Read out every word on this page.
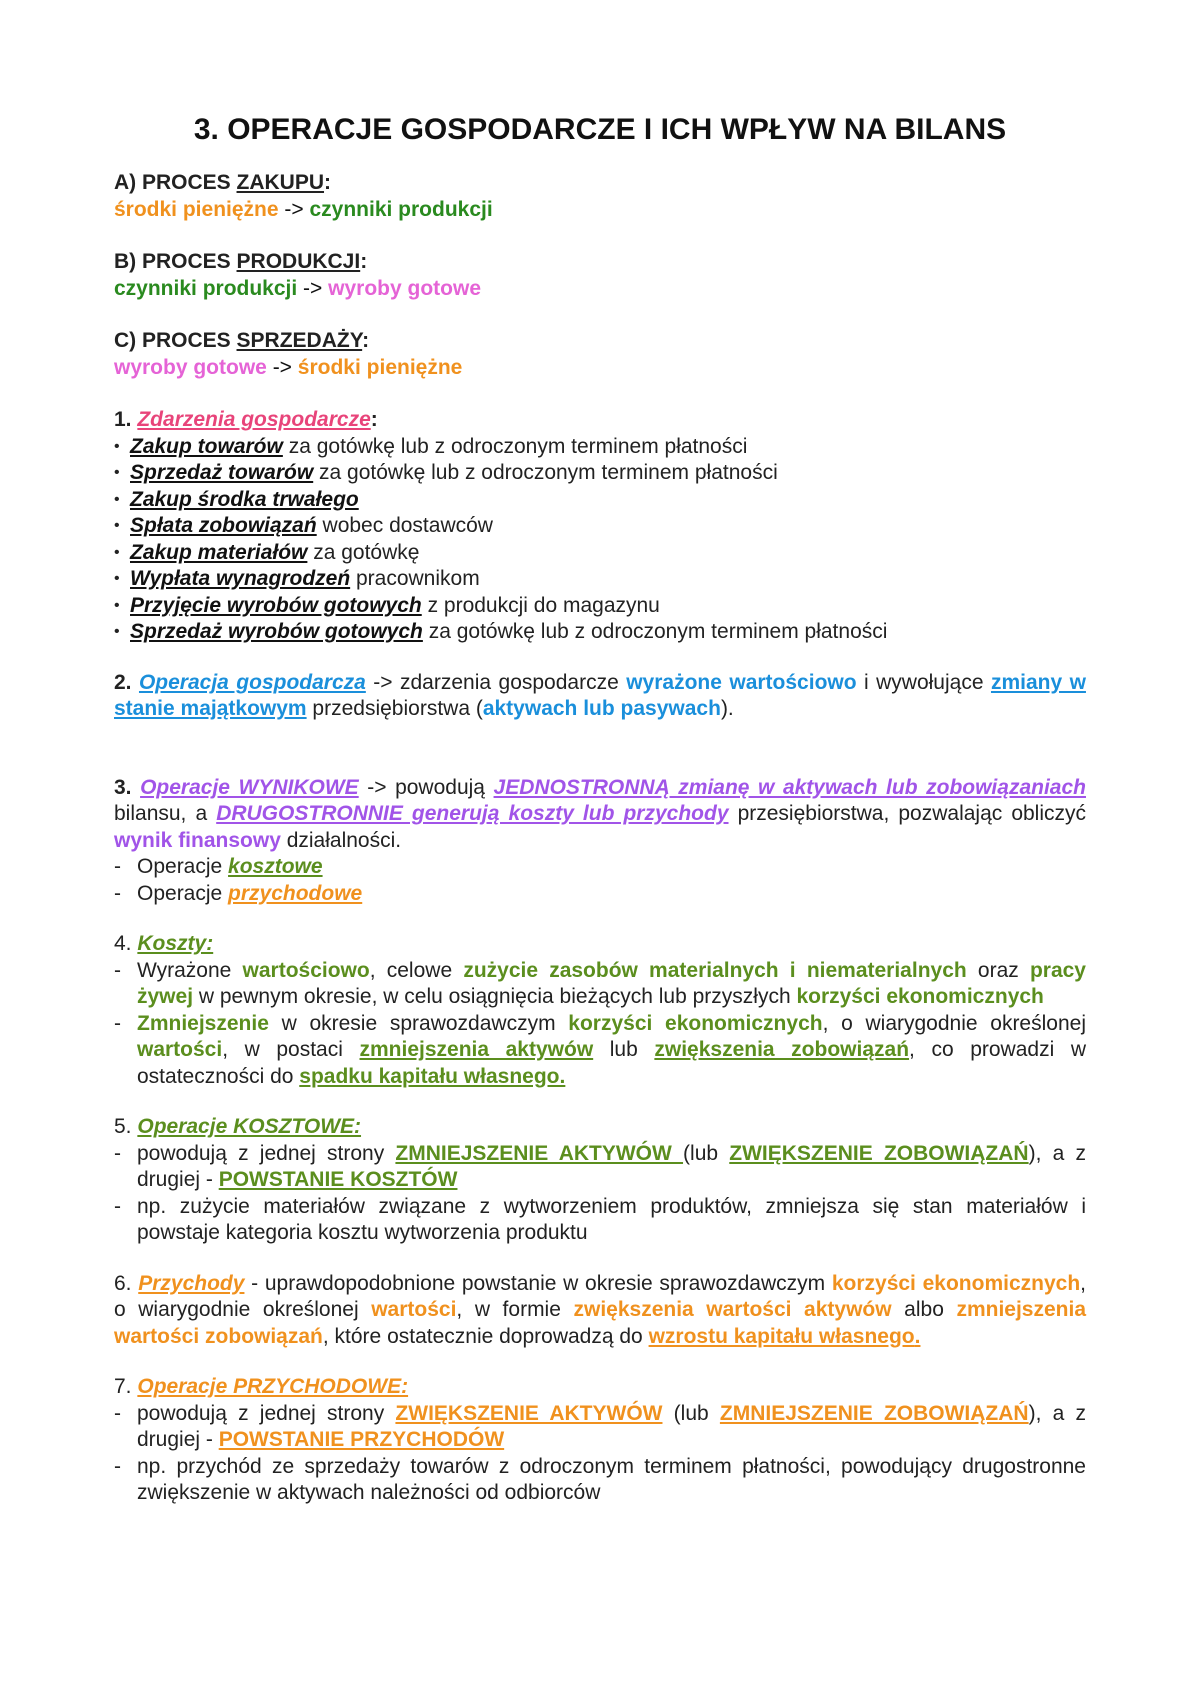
3. OPERACJE GOSPODARCZE I ICH WPŁYW NA BILANS
A) PROCES ZAKUPU:
środki pieniężne -> czynniki produkcji
B) PROCES PRODUKCJI:
czynniki produkcji -> wyroby gotowe
C) PROCES SPRZEDAŻY:
wyroby gotowe -> środki pieniężne
1. Zdarzenia gospodarcze:
• Zakup towarów za gotówkę lub z odroczonym terminem płatności
• Sprzedaż towarów za gotówkę lub z odroczonym terminem płatności
• Zakup środka trwałego
• Spłata zobowiązań wobec dostawców
• Zakup materiałów za gotówkę
• Wypłata wynagrodzeń pracownikom
• Przyjęcie wyrobów gotowych z produkcji do magazynu
• Sprzedaż wyrobów gotowych za gotówkę lub z odroczonym terminem płatności
2. Operacja gospodarcza -> zdarzenia gospodarcze wyrażone wartościowo i wywołujące zmiany w stanie majątkowym przedsiębiorstwa (aktywach lub pasywach).
3. Operacje WYNIKOWE -> powodują JEDNOSTRONNĄ zmianę w aktywach lub zobowiązaniach bilansu, a DRUGOSTRONNIE generują koszty lub przychody przesiębiorstwa, pozwalając obliczyć wynik finansowy działalności.
- Operacje kosztowe
- Operacje przychodowe
4. Koszty:
- Wyrażone wartościowo, celowe zużycie zasobów materialnych i niematerialnych oraz pracy żywej w pewnym okresie, w celu osiągnięcia bieżących lub przyszłych korzyści ekonomicznych
- Zmniejszenie w okresie sprawozdawczym korzyści ekonomicznych, o wiarygodnie określonej wartości, w postaci zmniejszenia aktywów lub zwiększenia zobowiązań, co prowadzi w ostateczności do spadku kapitału własnego.
5. Operacje KOSZTOWE:
- powodują z jednej strony ZMNIEJSZENIE AKTYWÓW (lub ZWIĘKSZENIE ZOBOWIĄZAŃ), a z drugiej - POWSTANIE KOSZTÓW
- np. zużycie materiałów związane z wytworzeniem produktów, zmniejsza się stan materiałów i powstaje kategoria kosztu wytworzenia produktu
6. Przychody - uprawdopodobnione powstanie w okresie sprawozdawczym korzyści ekonomicznych, o wiarygodnie określonej wartości, w formie zwiększenia wartości aktywów albo zmniejszenia wartości zobowiązań, które ostatecznie doprowadzą do wzrostu kapitału własnego.
7. Operacje PRZYCHODOWE:
- powodują z jednej strony ZWIĘKSZENIE AKTYWÓW (lub ZMNIEJSZENIE ZOBOWIĄZAŃ), a z drugiej - POWSTANIE PRZYCHODÓW
- np. przychód ze sprzedaży towarów z odroczonym terminem płatności, powodujący drugostronne zwiększenie w aktywach należności od odbiorców
